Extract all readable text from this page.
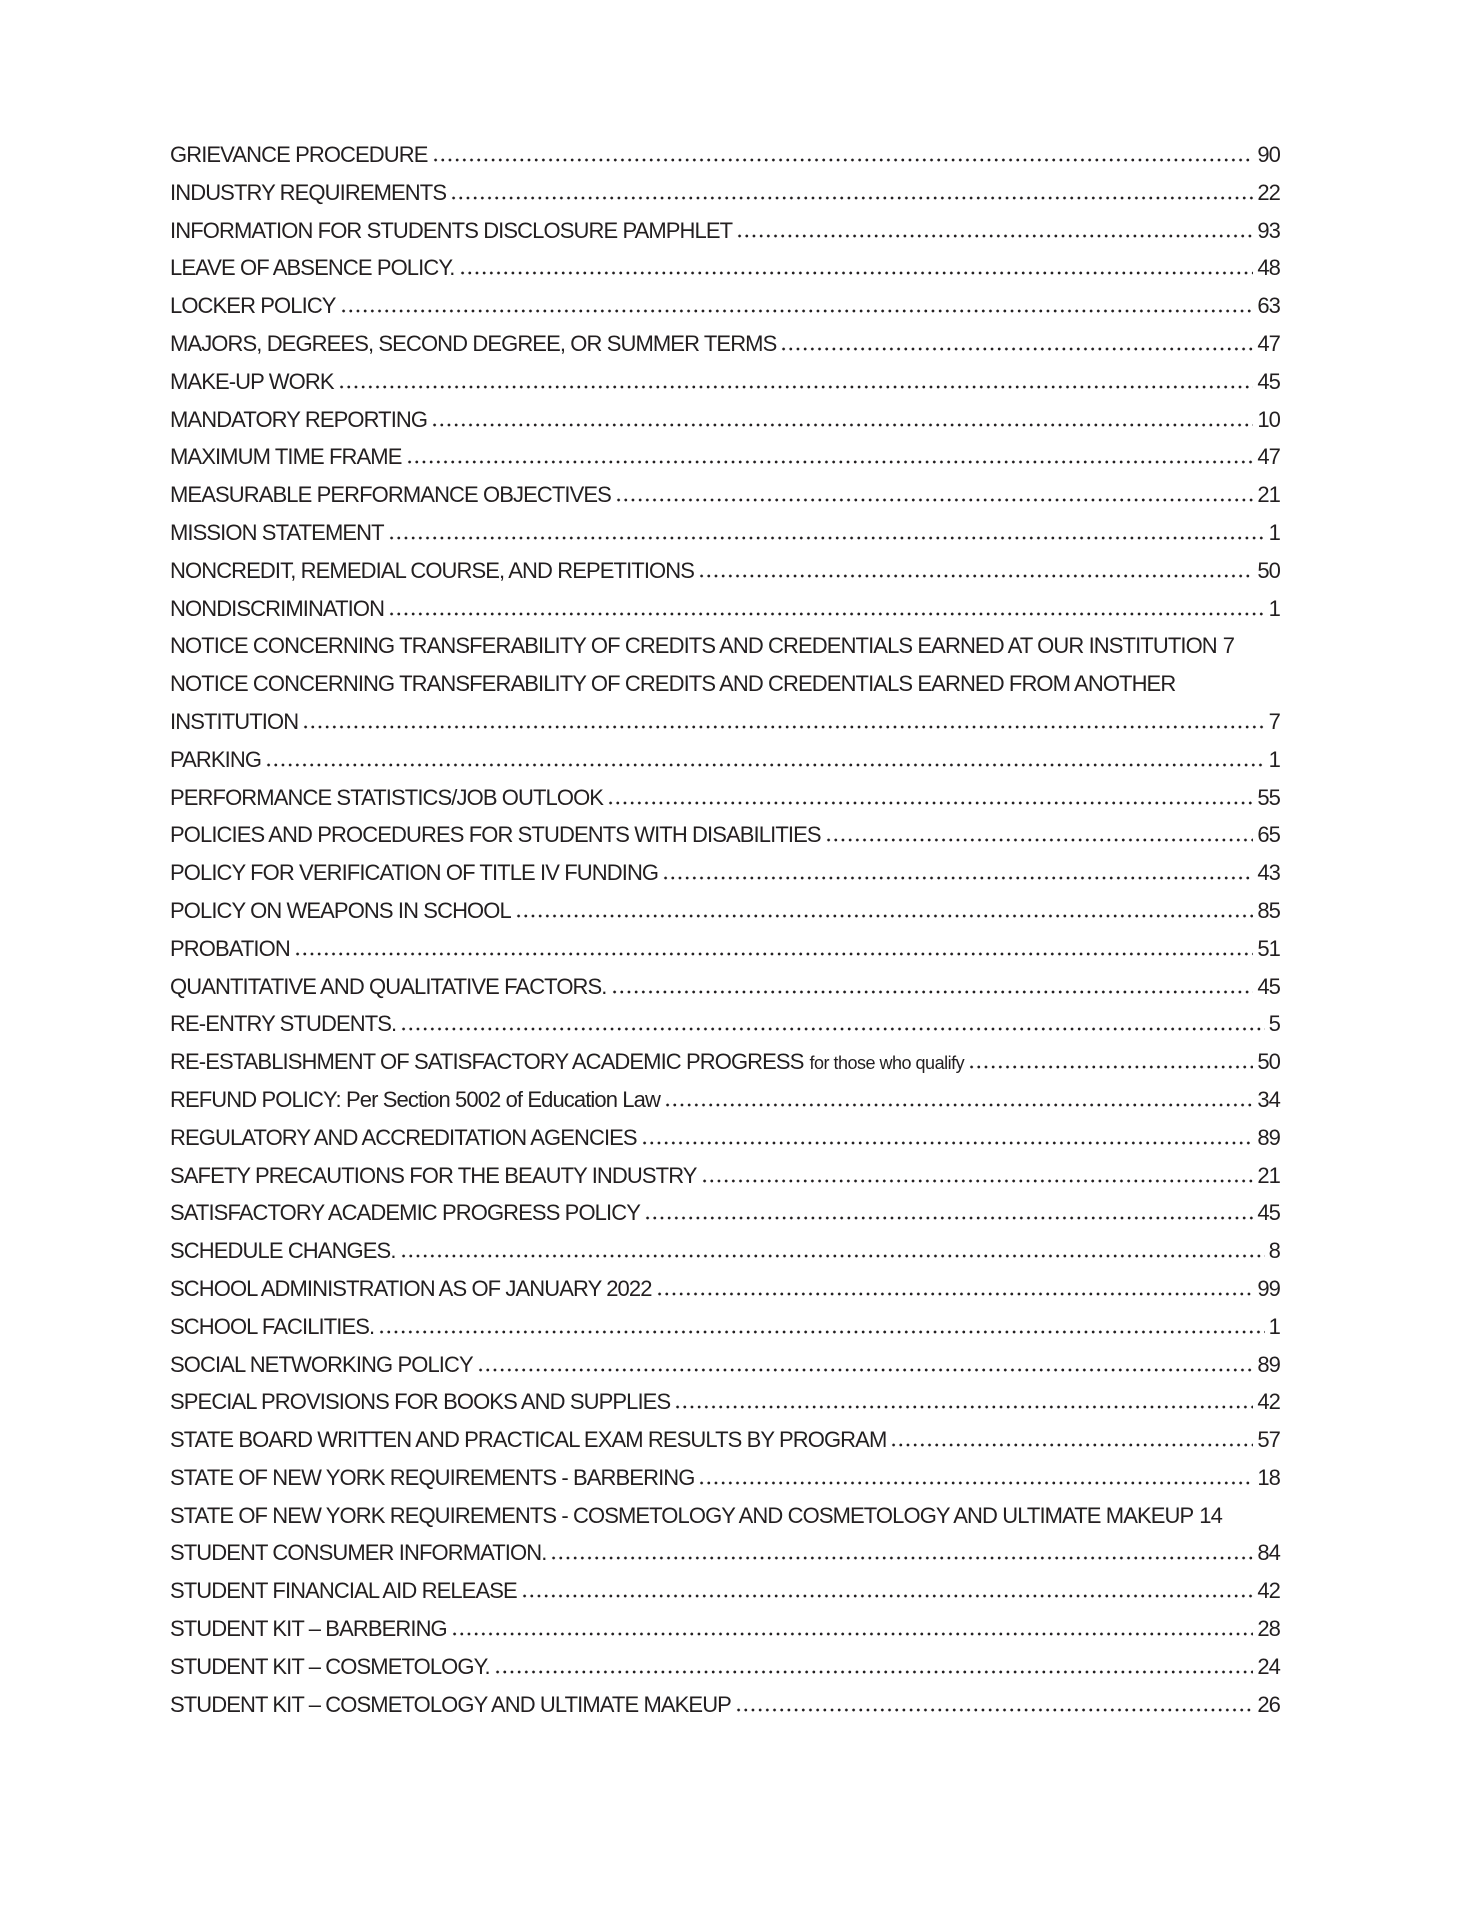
GRIEVANCE PROCEDURE	90
INDUSTRY REQUIREMENTS	22
INFORMATION FOR STUDENTS DISCLOSURE PAMPHLET	93
LEAVE OF ABSENCE POLICY.	48
LOCKER POLICY	63
MAJORS, DEGREES, SECOND DEGREE, OR SUMMER TERMS	47
MAKE-UP WORK	45
MANDATORY REPORTING	10
MAXIMUM TIME FRAME	47
MEASURABLE PERFORMANCE OBJECTIVES	21
MISSION STATEMENT	1
NONCREDIT, REMEDIAL COURSE, AND REPETITIONS	50
NONDISCRIMINATION	1
NOTICE CONCERNING TRANSFERABILITY OF CREDITS AND CREDENTIALS EARNED AT OUR INSTITUTION 7
NOTICE CONCERNING TRANSFERABILITY OF CREDITS AND CREDENTIALS EARNED FROM ANOTHER
INSTITUTION	7
PARKING	1
PERFORMANCE STATISTICS/JOB OUTLOOK	55
POLICIES AND PROCEDURES FOR STUDENTS WITH DISABILITIES	65
POLICY FOR VERIFICATION OF TITLE IV FUNDING	43
POLICY ON WEAPONS IN SCHOOL	85
PROBATION	51
QUANTITATIVE AND QUALITATIVE FACTORS.	45
RE-ENTRY STUDENTS.	5
RE-ESTABLISHMENT OF SATISFACTORY ACADEMIC PROGRESS for those who qualify	50
REFUND POLICY: Per Section 5002 of Education Law	34
REGULATORY AND ACCREDITATION AGENCIES	89
SAFETY PRECAUTIONS FOR THE BEAUTY INDUSTRY	21
SATISFACTORY ACADEMIC PROGRESS POLICY	45
SCHEDULE CHANGES.	8
SCHOOL ADMINISTRATION AS OF JANUARY 2022	99
SCHOOL FACILITIES.	1
SOCIAL NETWORKING POLICY	89
SPECIAL PROVISIONS FOR BOOKS AND SUPPLIES	42
STATE BOARD WRITTEN AND PRACTICAL EXAM RESULTS BY PROGRAM	57
STATE OF NEW YORK REQUIREMENTS - BARBERING	18
STATE OF NEW YORK REQUIREMENTS - COSMETOLOGY AND COSMETOLOGY AND ULTIMATE MAKEUP 14
STUDENT CONSUMER INFORMATION.	84
STUDENT FINANCIAL AID RELEASE	42
STUDENT KIT – BARBERING	28
STUDENT KIT – COSMETOLOGY.	24
STUDENT KIT – COSMETOLOGY AND ULTIMATE MAKEUP	26
